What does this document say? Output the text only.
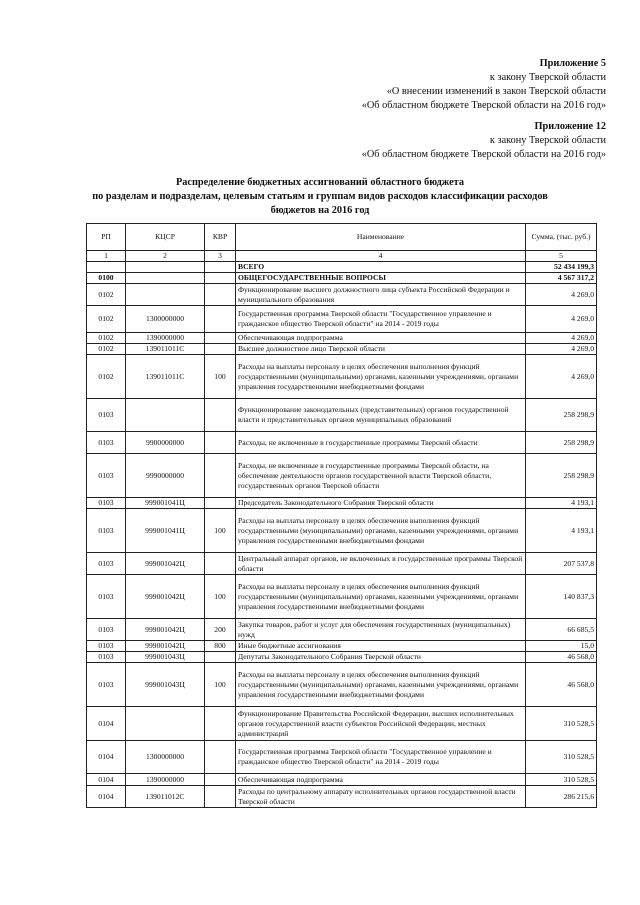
Приложение 5
к закону Тверской области
«О внесении изменений в закон Тверской области
«Об областном бюджете Тверской области на 2016 год»
Приложение 12
к закону Тверской области
«Об областном бюджете Тверской области на 2016 год»
Распределение бюджетных ассигнований областного бюджета
по разделам и подразделам, целевым статьям и группам видов расходов классификации расходов
бюджетов на 2016 год
РП	КЦСР	КВР	Наименование	Сумма, (тыс. руб.)
1	2	3	4	5
			ВСЕГО	52 434 199,3
0100			ОБЩЕГОСУДАРСТВЕННЫЕ ВОПРОСЫ	4 567 317,2
0102			Функционирование высшего должностного лица субъекта Российской Федерации и муниципального образования	4 269,0
0102	1300000000		Государственная программа Тверской области "Государственное управление и гражданское общество Тверской области" на 2014 - 2019 годы	4 269,0
0102	1390000000		Обеспечивающая подпрограмма	4 269,0
0102	139011011С		Высшее должностное лицо Тверской области	4 269,0
0102	139011011С	100	Расходы на выплаты персоналу в целях обеспечения выполнения функций государственными (муниципальными) органами, казенными учреждениями, органами управления государственными внебюджетными фондами	4 269,0
0103			Функционирование законодательных (представительных) органов государственной власти и представительных органов муниципальных образований	258 298,9
0103	9900000000		Расходы, не включенные в государственные программы Тверской области	258 298,9
0103	9990000000		Расходы, не включенные в государственные программы Тверской области, на обеспечение деятельности органов государственной власти Тверской области, государственных органов Тверской области	258 298,9
0103	999001041Ц		Председатель Законодательного Собрания Тверской области	4 193,1
0103	999001041Ц	100	Расходы на выплаты персоналу в целях обеспечения выполнения функций государственными (муниципальными) органами, казенными учреждениями, органами управления государственными внебюджетными фондами	4 193,1
0103	999001042Ц		Центральный аппарат органов, не включенных в государственные программы Тверской области	207 537,8
0103	999001042Ц	100	Расходы на выплаты персоналу в целях обеспечения выполнения функций государственными (муниципальными) органами, казенными учреждениями, органами управления государственными внебюджетными фондами	140 837,3
0103	999001042Ц	200	Закупка товаров, работ и услуг для обеспечения государственных (муниципальных) нужд	66 685,5
0103	999001042Ц	800	Иные бюджетные ассигнования	15,0
0103	999001043Ц		Депутаты Законодательного Собрания Тверской области	46 568,0
0103	999001043Ц	100	Расходы на выплаты персоналу в целях обеспечения выполнения функций государственными (муниципальными) органами, казенными учреждениями, органами управления государственными внебюджетными фондами	46 568,0
0104			Функционирование Правительства Российской Федерации, высших исполнительных органов государственной власти субъектов Российской Федерации, местных администраций	310 528,5
0104	1300000000		Государственная программа Тверской области "Государственное управление и гражданское общество Тверской области" на 2014 - 2019 годы	310 528,5
0104	1390000000		Обеспечивающая подпрограмма	310 528,5
0104	139011012С		Расходы по центральному аппарату исполнительных органов государственной власти Тверской области	286 215,6
